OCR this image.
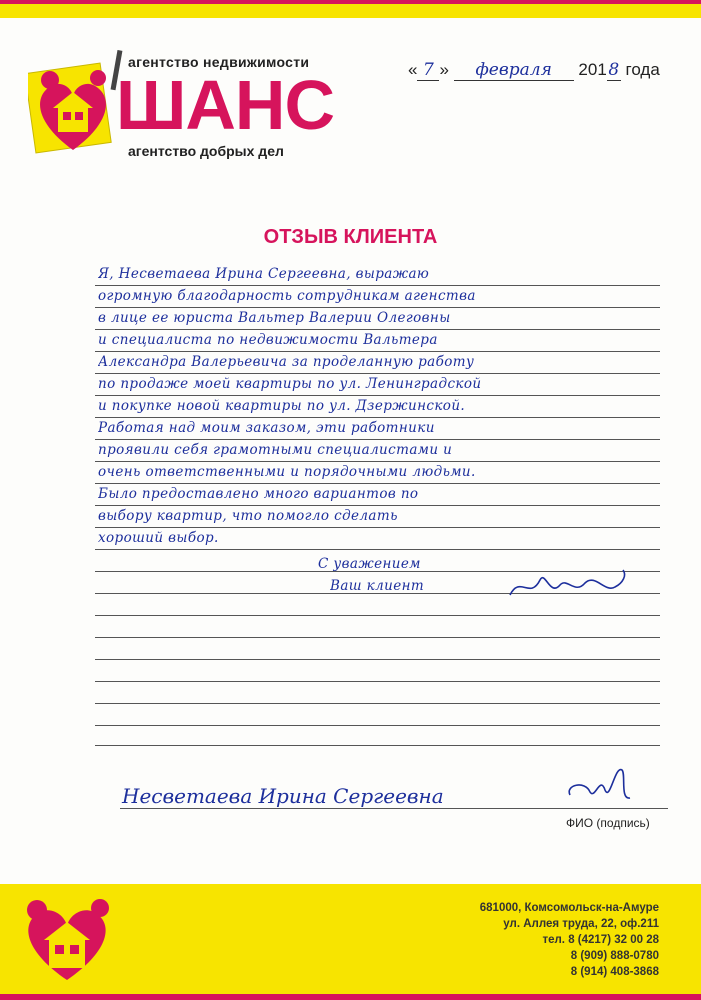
агентство недвижимости
ШАНС
агентство добрых дел
« 7 » февраля 2018 года
ОТЗЫВ КЛИЕНТА
Я, Несветаева Ирина Сергеевна, выражаю
огромную благодарность сотрудникам агенства
в лице ее юриста Вальтер Валерии Олеговны
и специалиста по недвижимости Вальтера
Александра Валерьевича за проделанную работу
по продаже моей квартиры по ул. Ленинградской
и покупке новой квартиры по ул. Дзержинской.
Работая над моим заказом, эти работники
проявили себя грамотными специалистами и
очень ответственными и порядочными людьми.
Было предоставлено много вариантов по
выбору квартир, что помогло сделать
хороший выбор.
С уважением
Ваш клиент
Несветаева Ирина Сергеевна
ФИО (подпись)
681000, Комсомольск-на-Амуре
ул. Аллея труда, 22, оф.211
тел. 8 (4217) 32 00 28
8 (909) 888-0780
8 (914) 408-3868
